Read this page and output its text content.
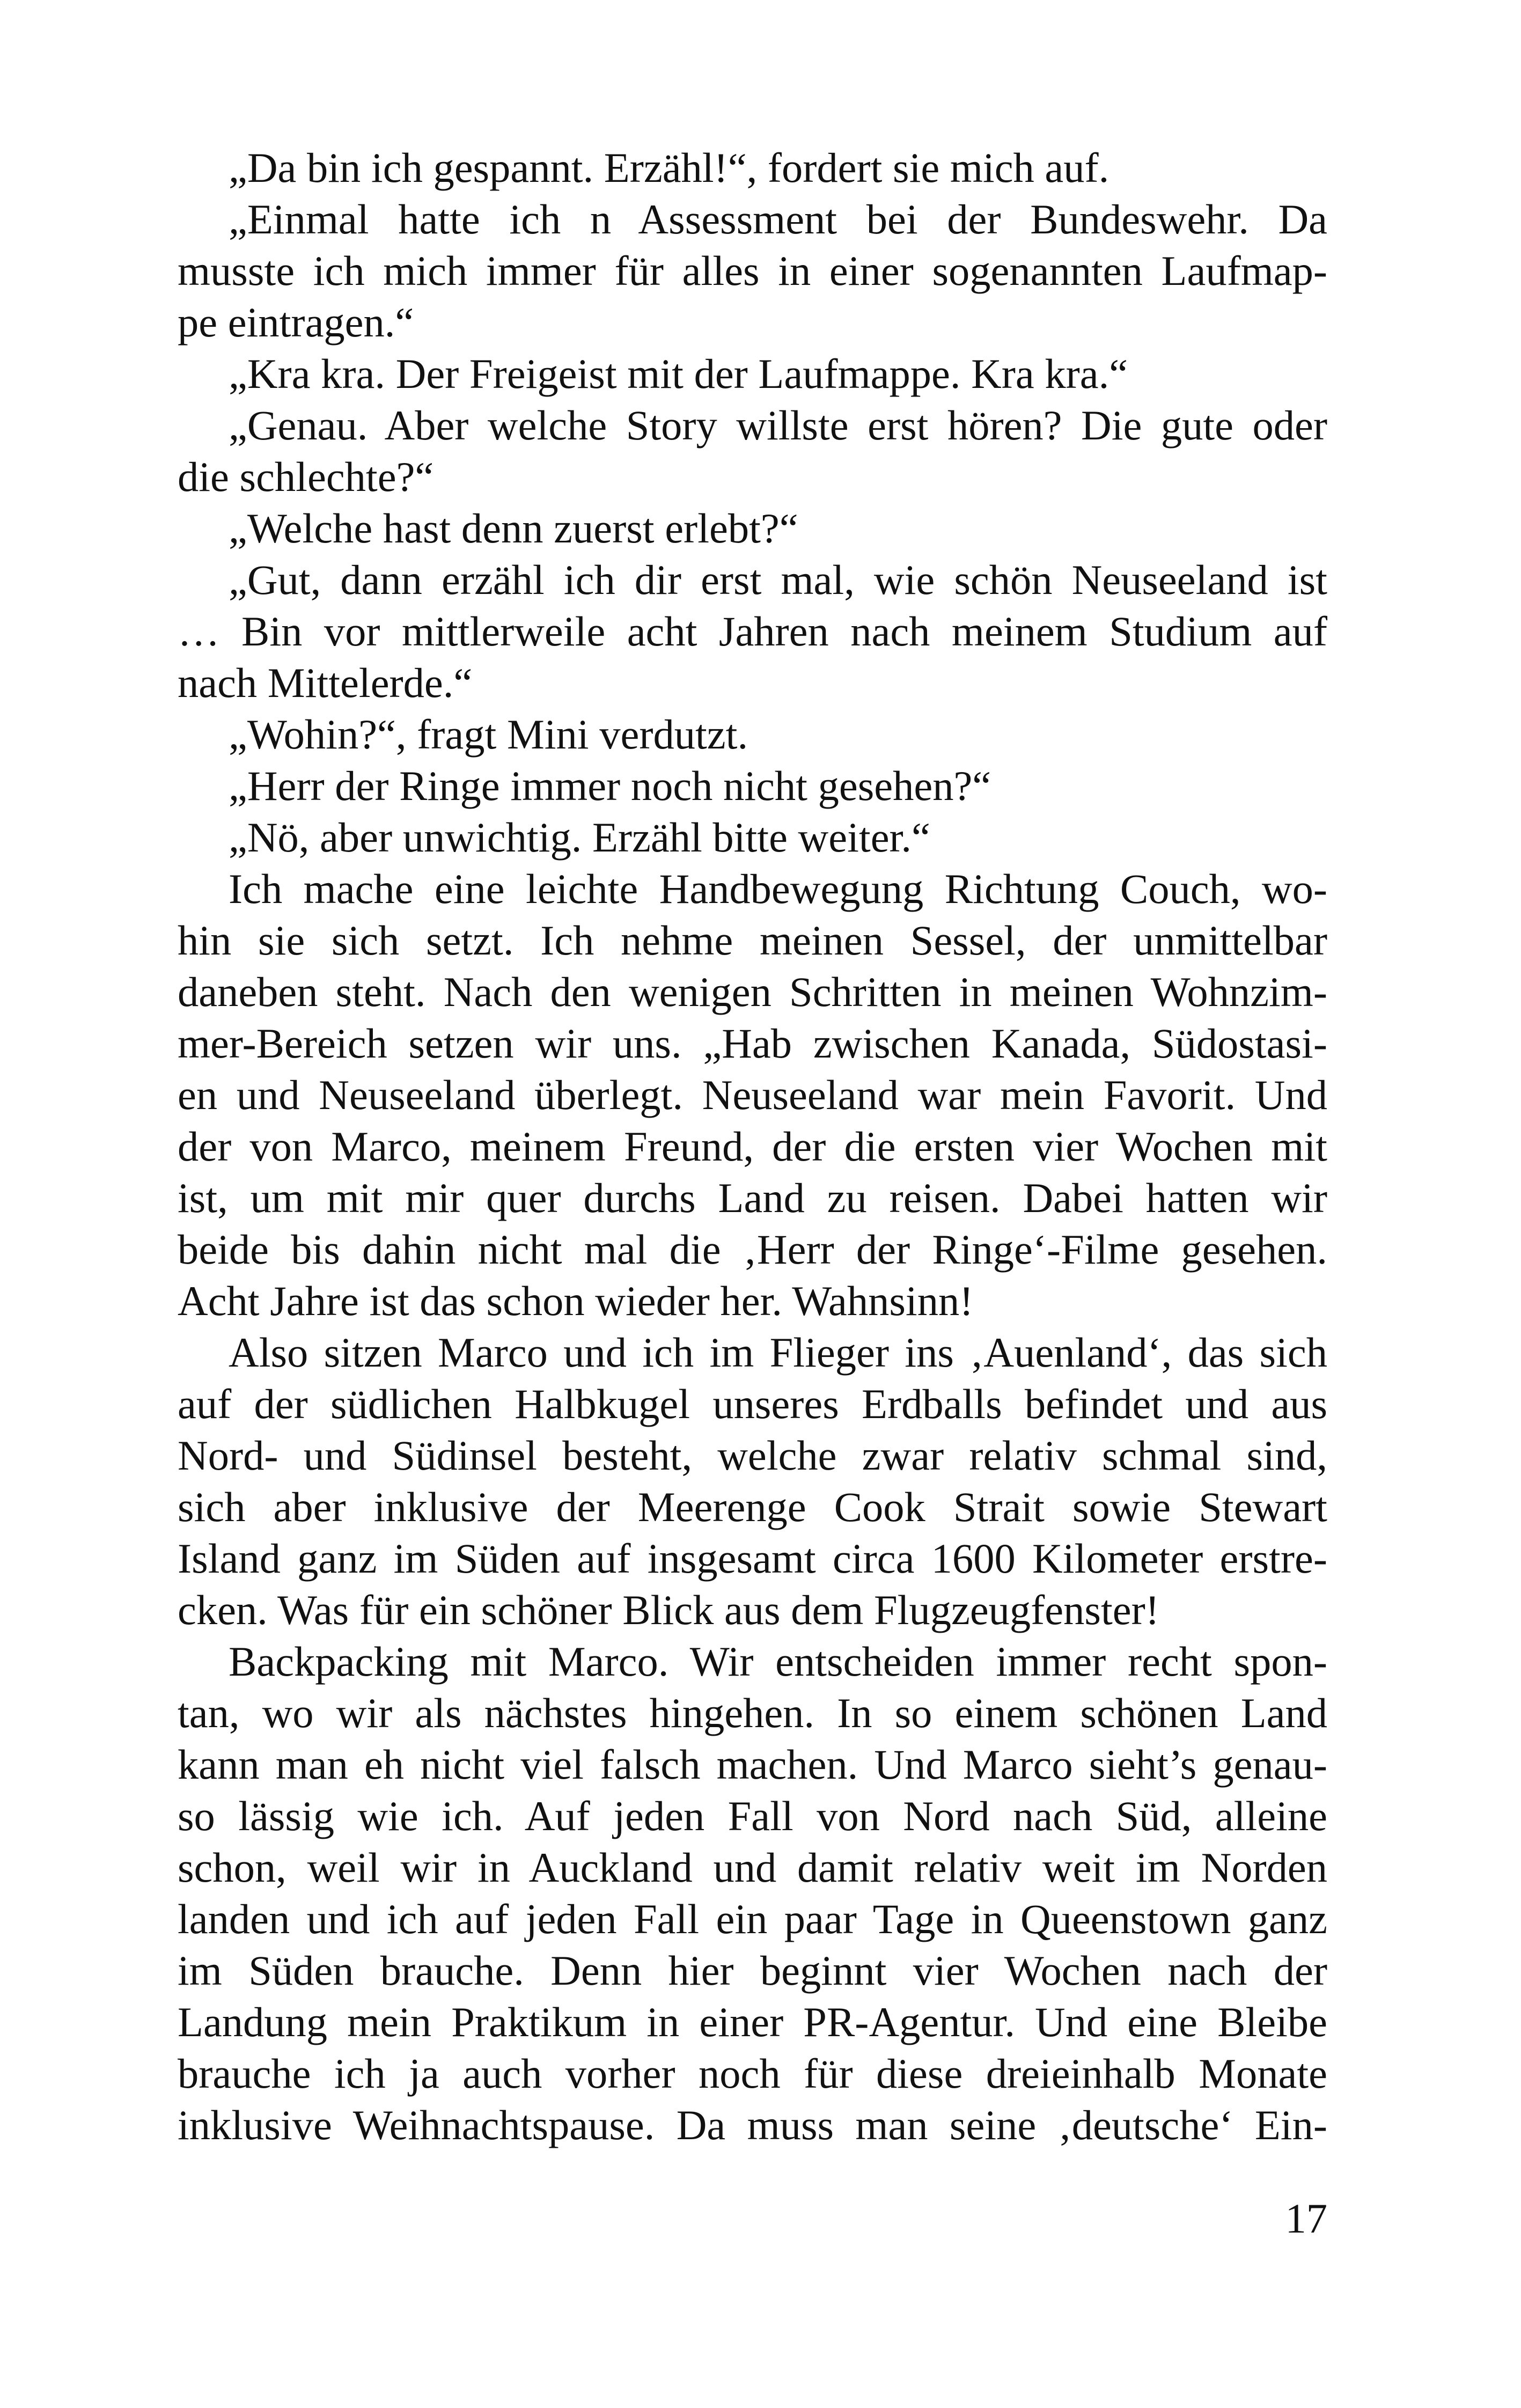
„Da bin ich gespannt. Erzähl!“, fordert sie mich auf.
„Einmal hatte ich n Assessment bei der Bundeswehr. Da
musste ich mich immer für alles in einer sogenannten Laufmap-
pe eintragen.“
„Kra kra. Der Freigeist mit der Laufmappe. Kra kra.“
„Genau. Aber welche Story willste erst hören? Die gute oder
die schlechte?“
„Welche hast denn zuerst erlebt?“
„Gut, dann erzähl ich dir erst mal, wie schön Neuseeland ist
… Bin vor mittlerweile acht Jahren nach meinem Studium auf
nach Mittelerde.“
„Wohin?“, fragt Mini verdutzt.
„Herr der Ringe immer noch nicht gesehen?“
„Nö, aber unwichtig. Erzähl bitte weiter.“
Ich mache eine leichte Handbewegung Richtung Couch, wo-
hin sie sich setzt. Ich nehme meinen Sessel, der unmittelbar
daneben steht. Nach den wenigen Schritten in meinen Wohnzim-
mer-Bereich setzen wir uns. „Hab zwischen Kanada, Südostasi-
en und Neuseeland überlegt. Neuseeland war mein Favorit. Und
der von Marco, meinem Freund, der die ersten vier Wochen mit
ist, um mit mir quer durchs Land zu reisen. Dabei hatten wir
beide bis dahin nicht mal die ‚Herr der Ringe‘-Filme gesehen.
Acht Jahre ist das schon wieder her. Wahnsinn!
Also sitzen Marco und ich im Flieger ins ‚Auenland‘, das sich
auf der südlichen Halbkugel unseres Erdballs befindet und aus
Nord- und Südinsel besteht, welche zwar relativ schmal sind,
sich aber inklusive der Meerenge Cook Strait sowie Stewart
Island ganz im Süden auf insgesamt circa 1600 Kilometer erstre-
cken. Was für ein schöner Blick aus dem Flugzeugfenster!
Backpacking mit Marco. Wir entscheiden immer recht spon-
tan, wo wir als nächstes hingehen. In so einem schönen Land
kann man eh nicht viel falsch machen. Und Marco sieht’s genau-
so lässig wie ich. Auf jeden Fall von Nord nach Süd, alleine
schon, weil wir in Auckland und damit relativ weit im Norden
landen und ich auf jeden Fall ein paar Tage in Queenstown ganz
im Süden brauche. Denn hier beginnt vier Wochen nach der
Landung mein Praktikum in einer PR-Agentur. Und eine Bleibe
brauche ich ja auch vorher noch für diese dreieinhalb Monate
inklusive Weihnachtspause. Da muss man seine ‚deutsche‘ Ein-
17
